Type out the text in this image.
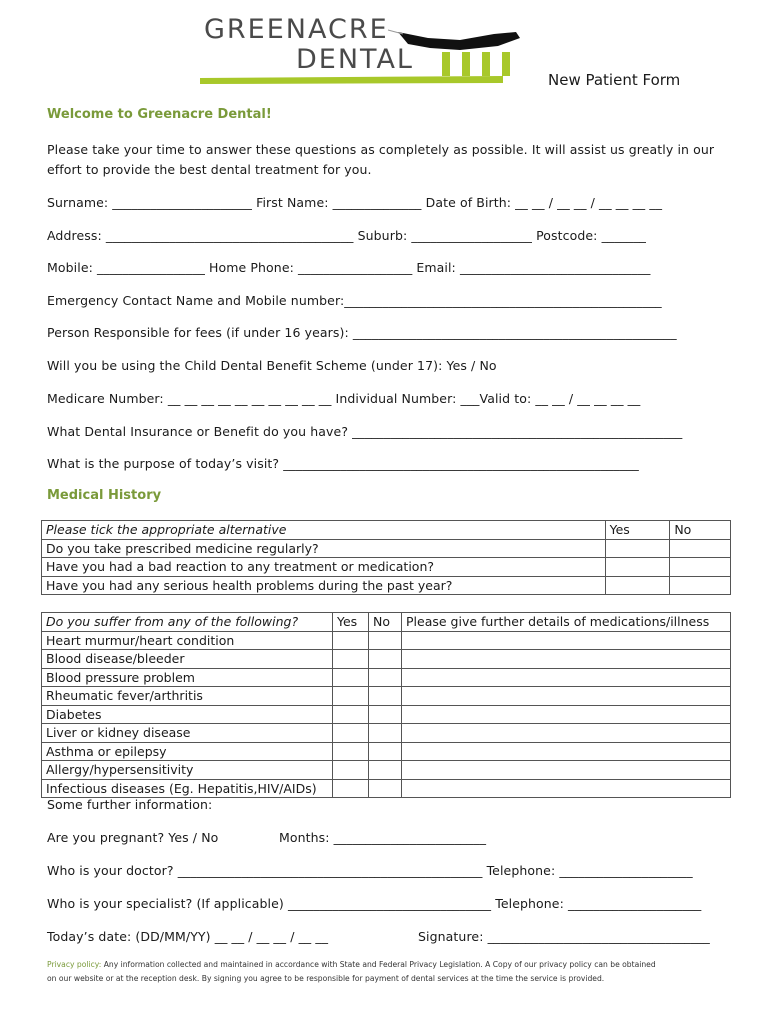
GREENACRE
DENTAL
New Patient Form
Welcome to Greenacre Dental!
Please take your time to answer these questions as completely as possible. It will assist us greatly in our
effort to provide the best dental treatment for you.
Surname: ______________________ First Name: ______________ Date of Birth: __ __ / __ __ / __ __ __ __
Address: _______________________________________ Suburb: ___________________ Postcode: _______
Mobile: _________________ Home Phone: __________________ Email: ______________________________
Emergency Contact Name and Mobile number:__________________________________________________
Person Responsible for fees (if under 16 years): ___________________________________________________
Will you be using the Child Dental Benefit Scheme (under 17): Yes / No
Medicare Number: __ __ __ __ __ __ __ __ __ __ Individual Number: ___Valid to: __ __ / __ __ __ __
What Dental Insurance or Benefit do you have? ____________________________________________________
What is the purpose of today’s visit? ________________________________________________________
Medical History
Please tick the appropriate alternative	Yes	No
Do you take prescribed medicine regularly?		
Have you had a bad reaction to any treatment or medication?		
Have you had any serious health problems during the past year?		
Do you suffer from any of the following?	Yes	No	Please give further details of medications/illness
Heart murmur/heart condition			
Blood disease/bleeder			
Blood pressure problem			
Rheumatic fever/arthritis			
Diabetes			
Liver or kidney disease			
Asthma or epilepsy			
Allergy/hypersensitivity			
Infectious diseases (Eg. Hepatitis,HIV/AIDs)			
Some further information:
Are you pregnant? Yes / No	Months: ________________________
Who is your doctor? ________________________________________________ Telephone: _____________________
Who is your specialist? (If applicable) ________________________________ Telephone: _____________________
Today’s date: (DD/MM/YY) __ __ / __ __ / __ __	Signature: ___________________________________
Privacy policy: Any information collected and maintained in accordance with State and Federal Privacy Legislation. A Copy of our privacy policy can be obtained
on our website or at the reception desk. By signing you agree to be responsible for payment of dental services at the time the service is provided.
